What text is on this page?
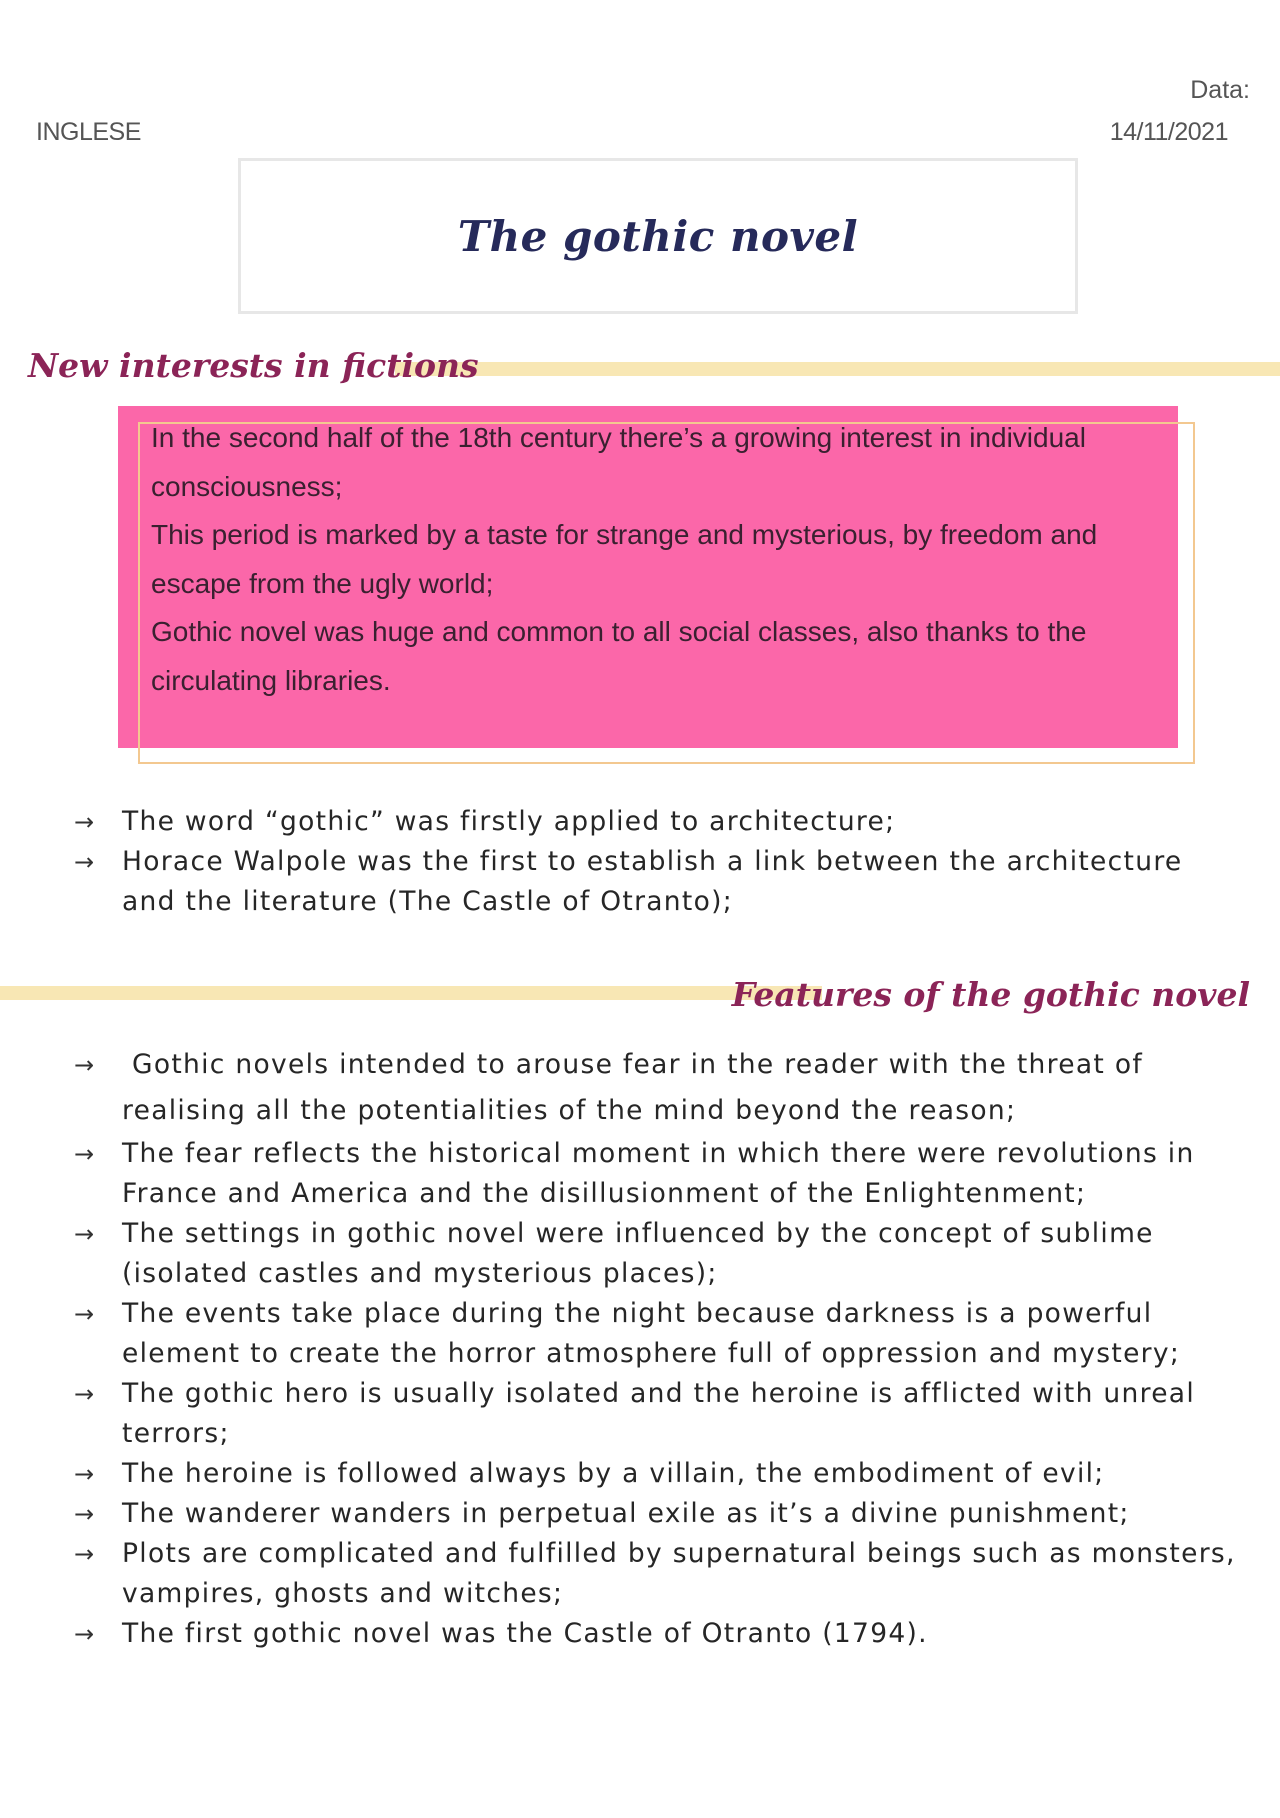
INGLESE
Data:
14/11/2021
The gothic novel
New interests in fictions

In the second half of the 18th century there’s a growing interest in individual consciousness;

This period is marked by a taste for strange and mysterious, by freedom and escape from the ugly world;

Gothic novel was huge and common to all social classes, also thanks to the circulating libraries.

→	The word “gothic” was firstly applied to architecture;
→	Horace Walpole was the first to establish a link between the architecture and the literature (The Castle of Otranto);
Features of the gothic novel
→	Gothic novels intended to arouse fear in the reader with the threat of realising all the potentialities of the mind beyond the reason;
→	The fear reflects the historical moment in which there were revolutions in France and America and the disillusionment of the Enlightenment;
→	The settings in gothic novel were influenced by the concept of sublime (isolated castles and mysterious places);
→	The events take place during the night because darkness is a powerful element to create the horror atmosphere full of oppression and mystery;
→	The gothic hero is usually isolated and the heroine is afflicted with unreal terrors;
→	The heroine is followed always by a villain, the embodiment of evil;
→	The wanderer wanders in perpetual exile as it’s a divine punishment;
→	Plots are complicated and fulfilled by supernatural beings such as monsters, vampires, ghosts and witches;
→	The first gothic novel was the Castle of Otranto (1794).
